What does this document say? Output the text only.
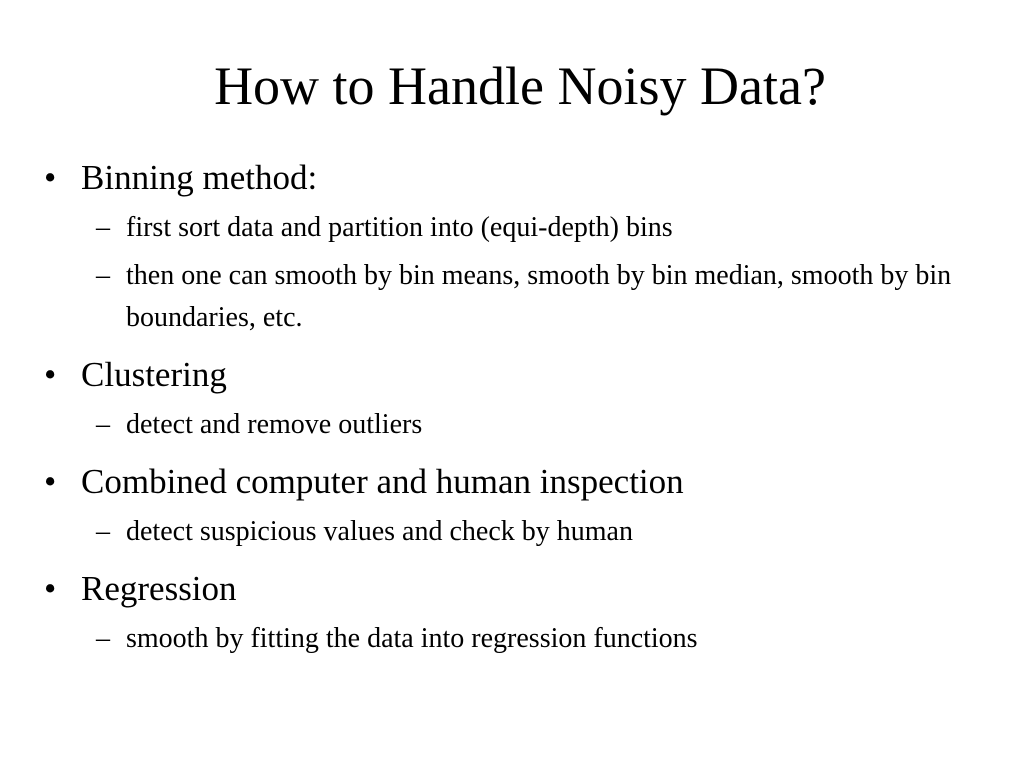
How to Handle Noisy Data?
• Binning method:
– first sort data and partition into (equi-depth) bins
– then one can smooth by bin means, smooth by bin median, smooth by bin boundaries, etc.
• Clustering
– detect and remove outliers
• Combined computer and human inspection
– detect suspicious values and check by human
• Regression
– smooth by fitting the data into regression functions
